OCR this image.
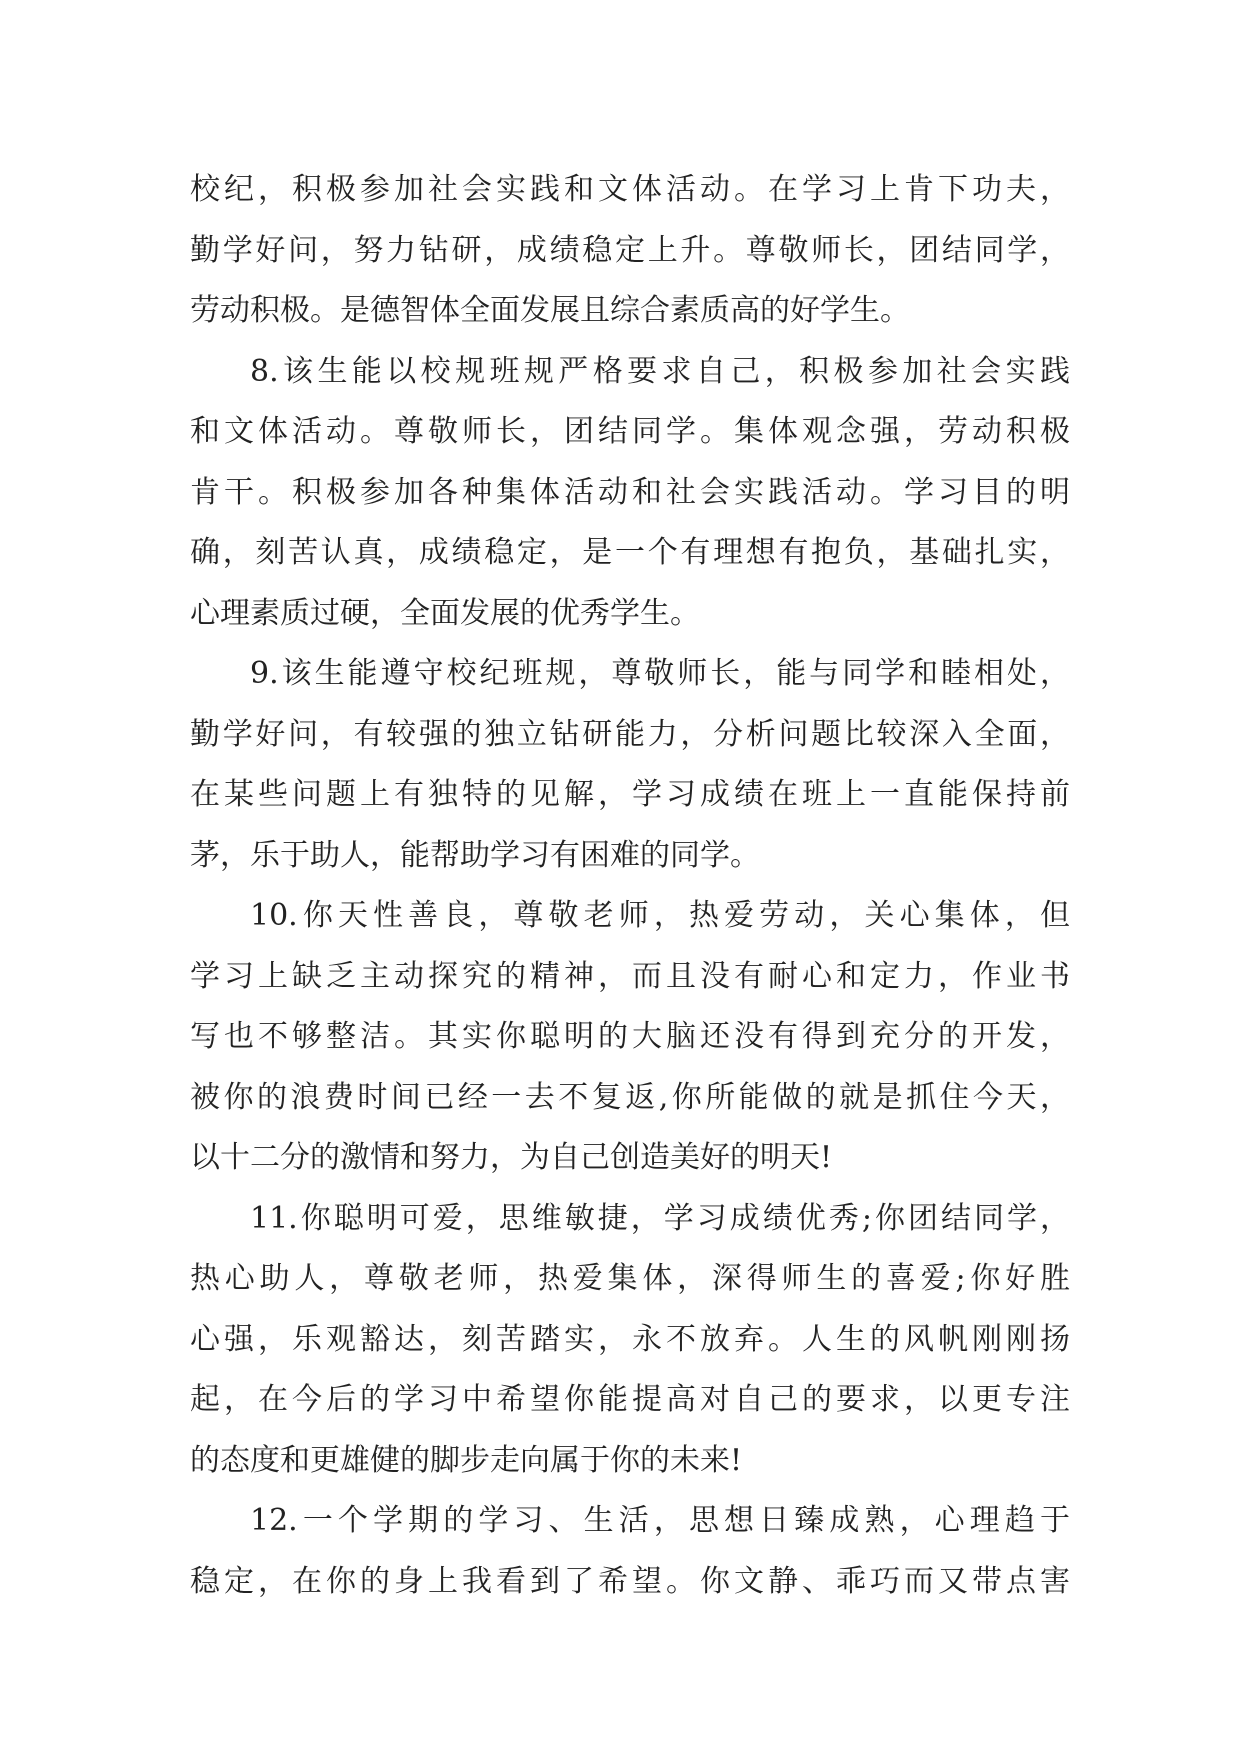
校纪，积极参加社会实践和文体活动。在学习上肯下功夫，
勤学好问，努力钻研，成绩稳定上升。尊敬师长，团结同学，
劳动积极。是德智体全面发展且综合素质高的好学生。
8.该生能以校规班规严格要求自己，积极参加社会实践
和文体活动。尊敬师长，团结同学。集体观念强，劳动积极
肯干。积极参加各种集体活动和社会实践活动。学习目的明
确，刻苦认真，成绩稳定，是一个有理想有抱负，基础扎实，
心理素质过硬，全面发展的优秀学生。
9.该生能遵守校纪班规，尊敬师长，能与同学和睦相处，
勤学好问，有较强的独立钻研能力，分析问题比较深入全面，
在某些问题上有独特的见解，学习成绩在班上一直能保持前
茅，乐于助人，能帮助学习有困难的同学。
10.你天性善良，尊敬老师，热爱劳动，关心集体，但
学习上缺乏主动探究的精神，而且没有耐心和定力，作业书
写也不够整洁。其实你聪明的大脑还没有得到充分的开发，
被你的浪费时间已经一去不复返,你所能做的就是抓住今天，
以十二分的激情和努力，为自己创造美好的明天!
11.你聪明可爱，思维敏捷，学习成绩优秀;你团结同学，
热心助人，尊敬老师，热爱集体，深得师生的喜爱;你好胜
心强，乐观豁达，刻苦踏实，永不放弃。人生的风帆刚刚扬
起，在今后的学习中希望你能提高对自己的要求，以更专注
的态度和更雄健的脚步走向属于你的未来!
12.一个学期的学习、生活，思想日臻成熟，心理趋于
稳定，在你的身上我看到了希望。你文静、乖巧而又带点害
